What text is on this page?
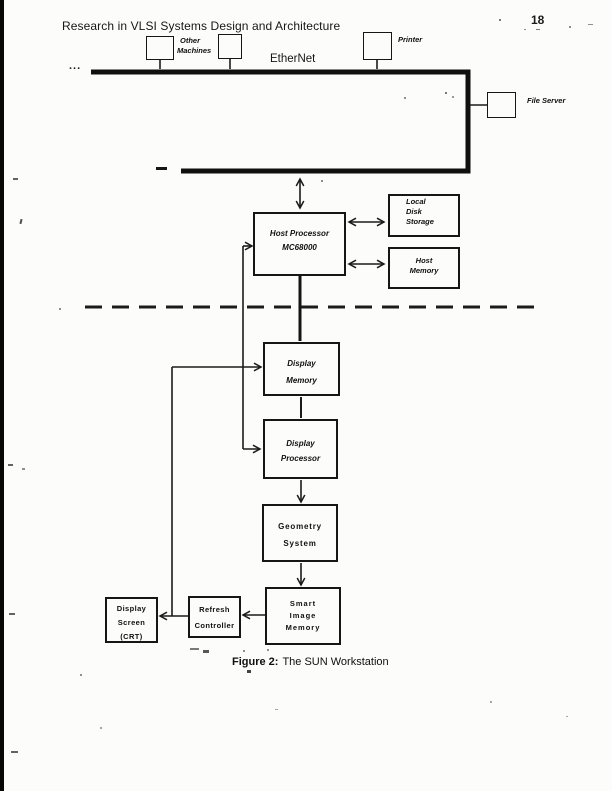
Research in VLSI Systems Design and Architecture	18
...
Other
Machines
Printer
EtherNet
File Server
Host Processor
MC68000
Local
Disk
Storage
Host
Memory
Display
Memory
Display
Processor
Geometry
System
Smart
Image
Memory
Refresh
Controller
Display
Screen
(CRT)
Figure 2: The SUN Workstation
